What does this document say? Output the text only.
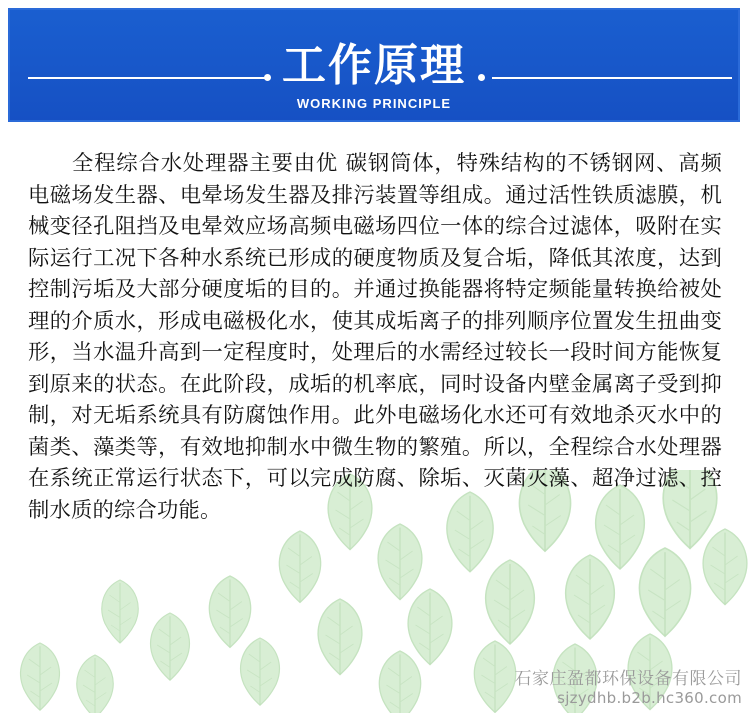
工作原理
WORKING PRINCIPLE
全程综合水处理器主要由优 碳钢筒体，特殊结构的不锈钢网、高频电磁场发生器、电晕场发生器及排污装置等组成。通过活性铁质滤膜，机械变径孔阻挡及电晕效应场高频电磁场四位一体的综合过滤体，吸附在实际运行工况下各种水系统已形成的硬度物质及复合垢，降低其浓度，达到控制污垢及大部分硬度垢的目的。并通过换能器将特定频能量转换给被处理的介质水，形成电磁极化水，使其成垢离子的排列顺序位置发生扭曲变形，当水温升高到一定程度时，处理后的水需经过较长一段时间方能恢复到原来的状态。在此阶段，成垢的机率底，同时设备内壁金属离子受到抑制，对无垢系统具有防腐蚀作用。此外电磁场化水还可有效地杀灭水中的菌类、藻类等，有效地抑制水中微生物的繁殖。所以，全程综合水处理器在系统正常运行状态下，可以完成防腐、除垢、灭菌灭藻、超净过滤、控制水质的综合功能。
石家庄盈都环保设备有限公司
sjzydhb.b2b.hc360.com
